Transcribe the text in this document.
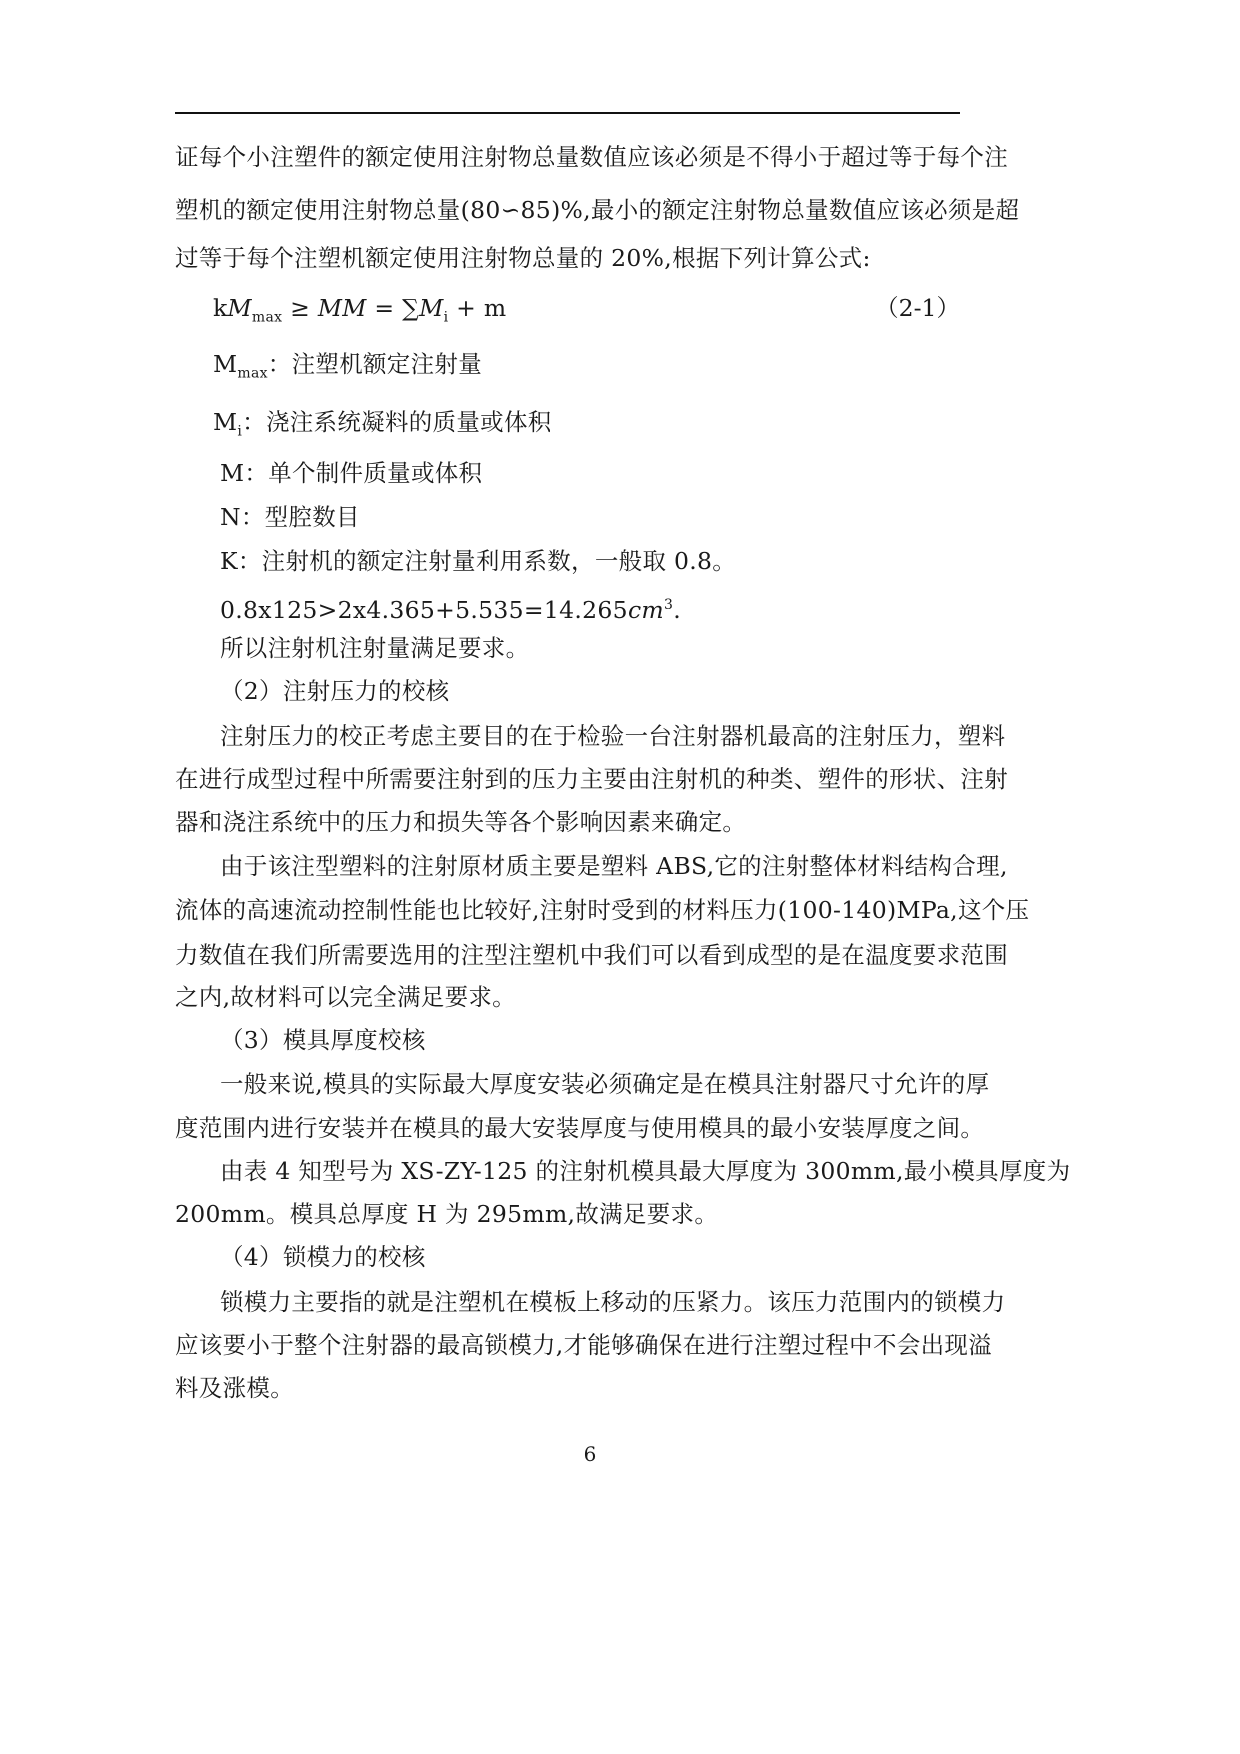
证每个小注塑件的额定使用注射物总量数值应该必须是不得小于超过等于每个注
塑机的额定使用注射物总量(80∽85)%,最小的额定注射物总量数值应该必须是超
过等于每个注塑机额定使用注射物总量的 20%,根据下列计算公式:
$kM_{max}$ ≥ MM = $\sum M_i + m$	（2-1）
$M_{max}$：注塑机额定注射量
$M_i$：浇注系统凝料的质量或体积
M：单个制件质量或体积
N：型腔数目
K：注射机的额定注射量利用系数，一般取 0.8。
$0.8x125>2x4.365+5.535=14.265cm^3$.
所以注射机注射量满足要求。
（2）注射压力的校核
注射压力的校正考虑主要目的在于检验一台注射器机最高的注射压力，塑料
在进行成型过程中所需要注射到的压力主要由注射机的种类、塑件的形状、注射
器和浇注系统中的压力和损失等各个影响因素来确定。
由于该注型塑料的注射原材质主要是塑料 ABS,它的注射整体材料结构合理,
流体的高速流动控制性能也比较好,注射时受到的材料压力(100-140)MPa,这个压
力数值在我们所需要选用的注型注塑机中我们可以看到成型的是在温度要求范围
之内,故材料可以完全满足要求。
（3）模具厚度校核
一般来说,模具的实际最大厚度安装必须确定是在模具注射器尺寸允许的厚
度范围内进行安装并在模具的最大安装厚度与使用模具的最小安装厚度之间。
由表 4 知型号为 XS-ZY-125 的注射机模具最大厚度为 300mm,最小模具厚度为
200mm。模具总厚度 H 为 295mm,故满足要求。
（4）锁模力的校核
锁模力主要指的就是注塑机在模板上移动的压紧力。该压力范围内的锁模力
应该要小于整个注射器的最高锁模力,才能够确保在进行注塑过程中不会出现溢
料及涨模。
6
